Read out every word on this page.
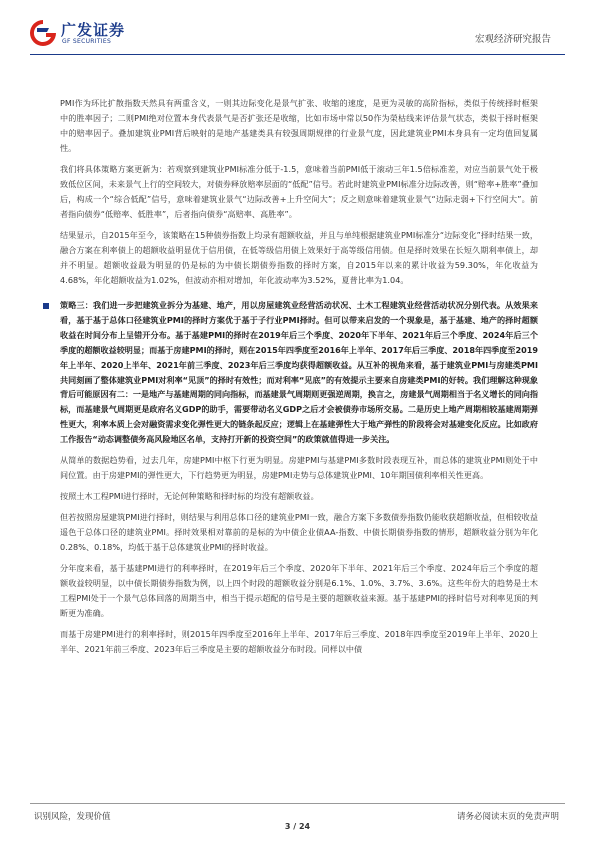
广发证券
GF SECURITIES	宏观经济研究报告

PMI作为环比扩散指数天然具有两重含义，一则其边际变化是景气扩张、收缩的速度，是更为灵敏的高阶指标，类似于传统择时框架中的胜率因子；二则PMI绝对位置本身代表景气是否扩张还是收缩，比如市场中常以50作为榮枯线来评估景气状态，类似于择时框架中的赔率因子。叠加建筑业PMI背后映射的是地产基建类具有较强周期规律的行业景气度，因此建筑业PMI本身具有一定均值回复属性。

我们将具体策略方案更新为：若观察到建筑业PMI标准分低于-1.5，意味着当前PMI低于滚动三年1.5倍标准差，对应当前景气处于极致低位区间，未来景气上行的空间较大，对债券释放赔率层面的“低配”信号。若此时建筑业PMI标准分边际改善，则“赔率+胜率”叠加后，构成一个“综合低配”信号，意味着建筑业景气“边际改善+上升空间大”；反之则意味着建筑业景气“边际走弱+下行空间大”。前者指向债券“低赔率、低胜率”，后者指向债券“高赔率、高胜率”。

结果显示，自2015年至今，该策略在15种债券指数上均录有超额收益，并且与单纯根据建筑业PMI标准分“边际变化”择时结果一致，融合方案在利率债上的超额收益明显优于信用债，在低等级信用债上效果好于高等级信用债。但是择时效果在长短久期利率债上，却并不明显。超额收益最为明显的仍是标的为中债长期债券指数的择时方案，自2015年以来的累计收益为59.30%，年化收益为4.68%，年化超额收益为1.02%，但波动亦相对增加，年化波动率为3.52%，夏普比率为1.04。

策略三：我们进一步把建筑业拆分为基建、地产，用以房屋建筑业经营活动状况、土木工程建筑业经营活动状况分别代表。从效果来看，基于基于总体口径建筑业PMI的择时方案优于基于子行业PMI择时。但可以带来启发的一个现象是，基于基建、地产的择时超额收益在时间分布上呈错开分布。基于基建PMI的择时在2019年后三个季度、2020年下半年、2021年后三个季度、2024年后三个季度的超额收益较明显；而基于房建PMI的择时，则在2015年四季度至2016年上半年、2017年后三季度、2018年四季度至2019年上半年、2020上半年、2021年前三季度、2023年后三季度均获得超额收益。从互补的视角来看，基于建筑业PMI与房建类PMI共同刻画了整体建筑业PMI对利率“见顶”的择时有效性；而对利率“见底”的有效提示主要来自房建类PMI的好转。我们理解这种现象背后可能原因有二：一是地产与基建周期的同向指标，而基建景气周期则更强逆周期，换言之，房建景气周期相当于名义增长的同向指标，而基建景气周期更是政府名义GDP的助手，需要带动名义GDP之后才会被债券市场所交易。二是历史上地产周期相较基建周期弹性更大，利率本质上会对融资需求变化弹性更大的链条起反应；逻辑上在基建弹性大于地产弹性的阶段将会对基建变化反应。比如政府工作报告“动态调整债务高风险地区名单，支持打开新的投资空间”的政策就值得进一步关注。

从简单的数据趋势看，过去几年，房建PMI中枢下行更为明显。房建PMI与基建PMI多数时段表现互补，而总体的建筑业PMI则处于中间位置。由于房建PMI的弹性更大，下行趋势更为明显，房建PMI走势与总体建筑业PMI、10年期国债利率相关性更高。

按照土木工程PMI进行择时，无论何种策略和择时标的均没有超额收益。

但若按照房屋建筑PMI进行择时，则结果与利用总体口径的建筑业PMI一致，融合方案下多数债券指数仍能收获超额收益，但相较收益遥色于总体口径的建筑业PMI。择时效果相对靠前的是标的为中债企业债AA-指数、中债长期债券指数的情形，超额收益分别为年化0.28%、0.18%，均低于基于总体建筑业PMI的择时收益。

分年度来看，基于基建PMI进行的利率择时，在2019年后三个季度、2020年下半年、2021年后三个季度、2024年后三个季度的超额收益较明显，以中债长期债券指数为例，以上四个时段的超额收益分别是6.1%、1.0%、3.7%、3.6%。这些年份大的趋势是土木工程PMI处于一个景气总体回落的周期当中，相当于提示超配的信号是主要的超额收益来源。基于基建PMI的择时信号对利率见顶的判断更为准确。

而基于房建PMI进行的利率择时，则2015年四季度至2016年上半年、2017年后三季度、2018年四季度至2019年上半年、2020上半年、2021年前三季度、2023年后三季度是主要的超额收益分布时段。同样以中债

识别风险，发现价值	请务必阅读末页的免责声明
3 / 24
